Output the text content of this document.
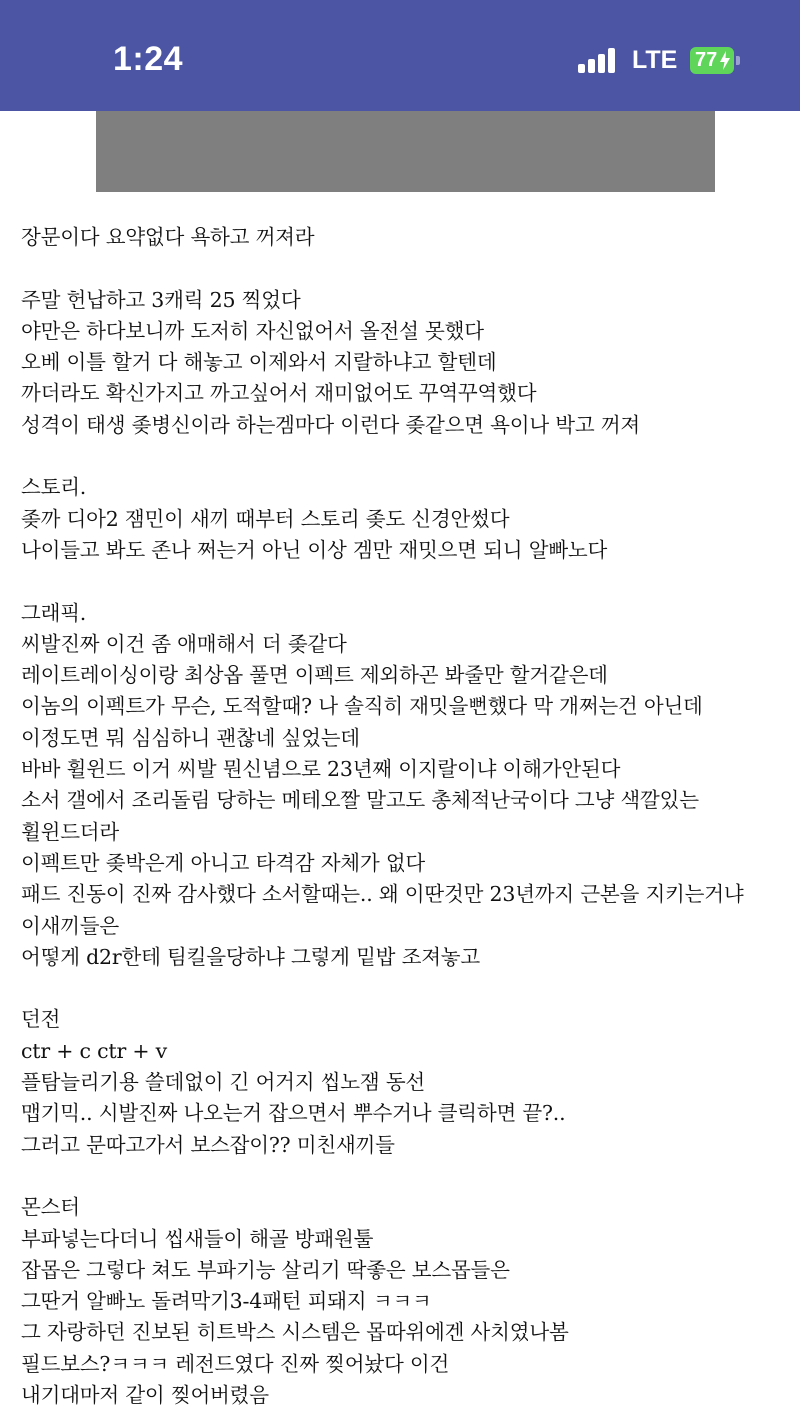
1:24	LTE 77
장문이다 요약없다 욕하고 꺼져라
주말 헌납하고 3캐릭 25 찍었다
야만은 하다보니까 도저히 자신없어서 올전설 못했다
오베 이틀 할거 다 해놓고 이제와서 지랄하냐고 할텐데
까더라도 확신가지고 까고싶어서 재미없어도 꾸역꾸역했다
성격이 태생 좆병신이라 하는겜마다 이런다 좆같으면 욕이나 박고 꺼져
스토리.
좆까 디아2 잼민이 새끼 때부터 스토리 좆도 신경안썼다
나이들고 봐도 존나 쩌는거 아닌 이상 겜만 재밋으면 되니 알빠노다
그래픽.
씨발진짜 이건 좀 애매해서 더 좆같다
레이트레이싱이랑 최상옵 풀면 이펙트 제외하곤 봐줄만 할거같은데
이놈의 이펙트가 무슨, 도적할때? 나 솔직히 재밋을뻔했다 막 개쩌는건 아닌데
이정도면 뭐 심심하니 괜찮네 싶었는데
바바 휠윈드 이거 씨발 뭔신념으로 23년째 이지랄이냐 이해가안된다
소서 갤에서 조리돌림 당하는 메테오짤 말고도 총체적난국이다 그냥 색깔있는 휠윈드더라
이펙트만 좆박은게 아니고 타격감 자체가 없다
패드 진동이 진짜 감사했다 소서할때는.. 왜 이딴것만 23년까지 근본을 지키는거냐 이새끼들은
어떻게 d2r한테 팀킬을당하냐 그렇게 밑밥 조져놓고
던전
ctr + c ctr + v
플탐늘리기용 쓸데없이 긴 어거지 씹노잼 동선
맵기믹.. 시발진짜 나오는거 잡으면서 뿌수거나 클릭하면 끝?..
그러고 문따고가서 보스잡이?? 미친새끼들
몬스터
부파넣는다더니 씹새들이 해골 방패원툴
잡몹은 그렇다 쳐도 부파기능 살리기 딱좋은 보스몹들은
그딴거 알빠노 돌려막기3-4패턴 피돼지 ㅋㅋㅋ
그 자랑하던 진보된 히트박스 시스템은 몹따위에겐 사치였나봄
필드보스?ㅋㅋㅋ 레전드였다 진짜 찢어놨다 이건
내기대마저 같이 찢어버렸음
